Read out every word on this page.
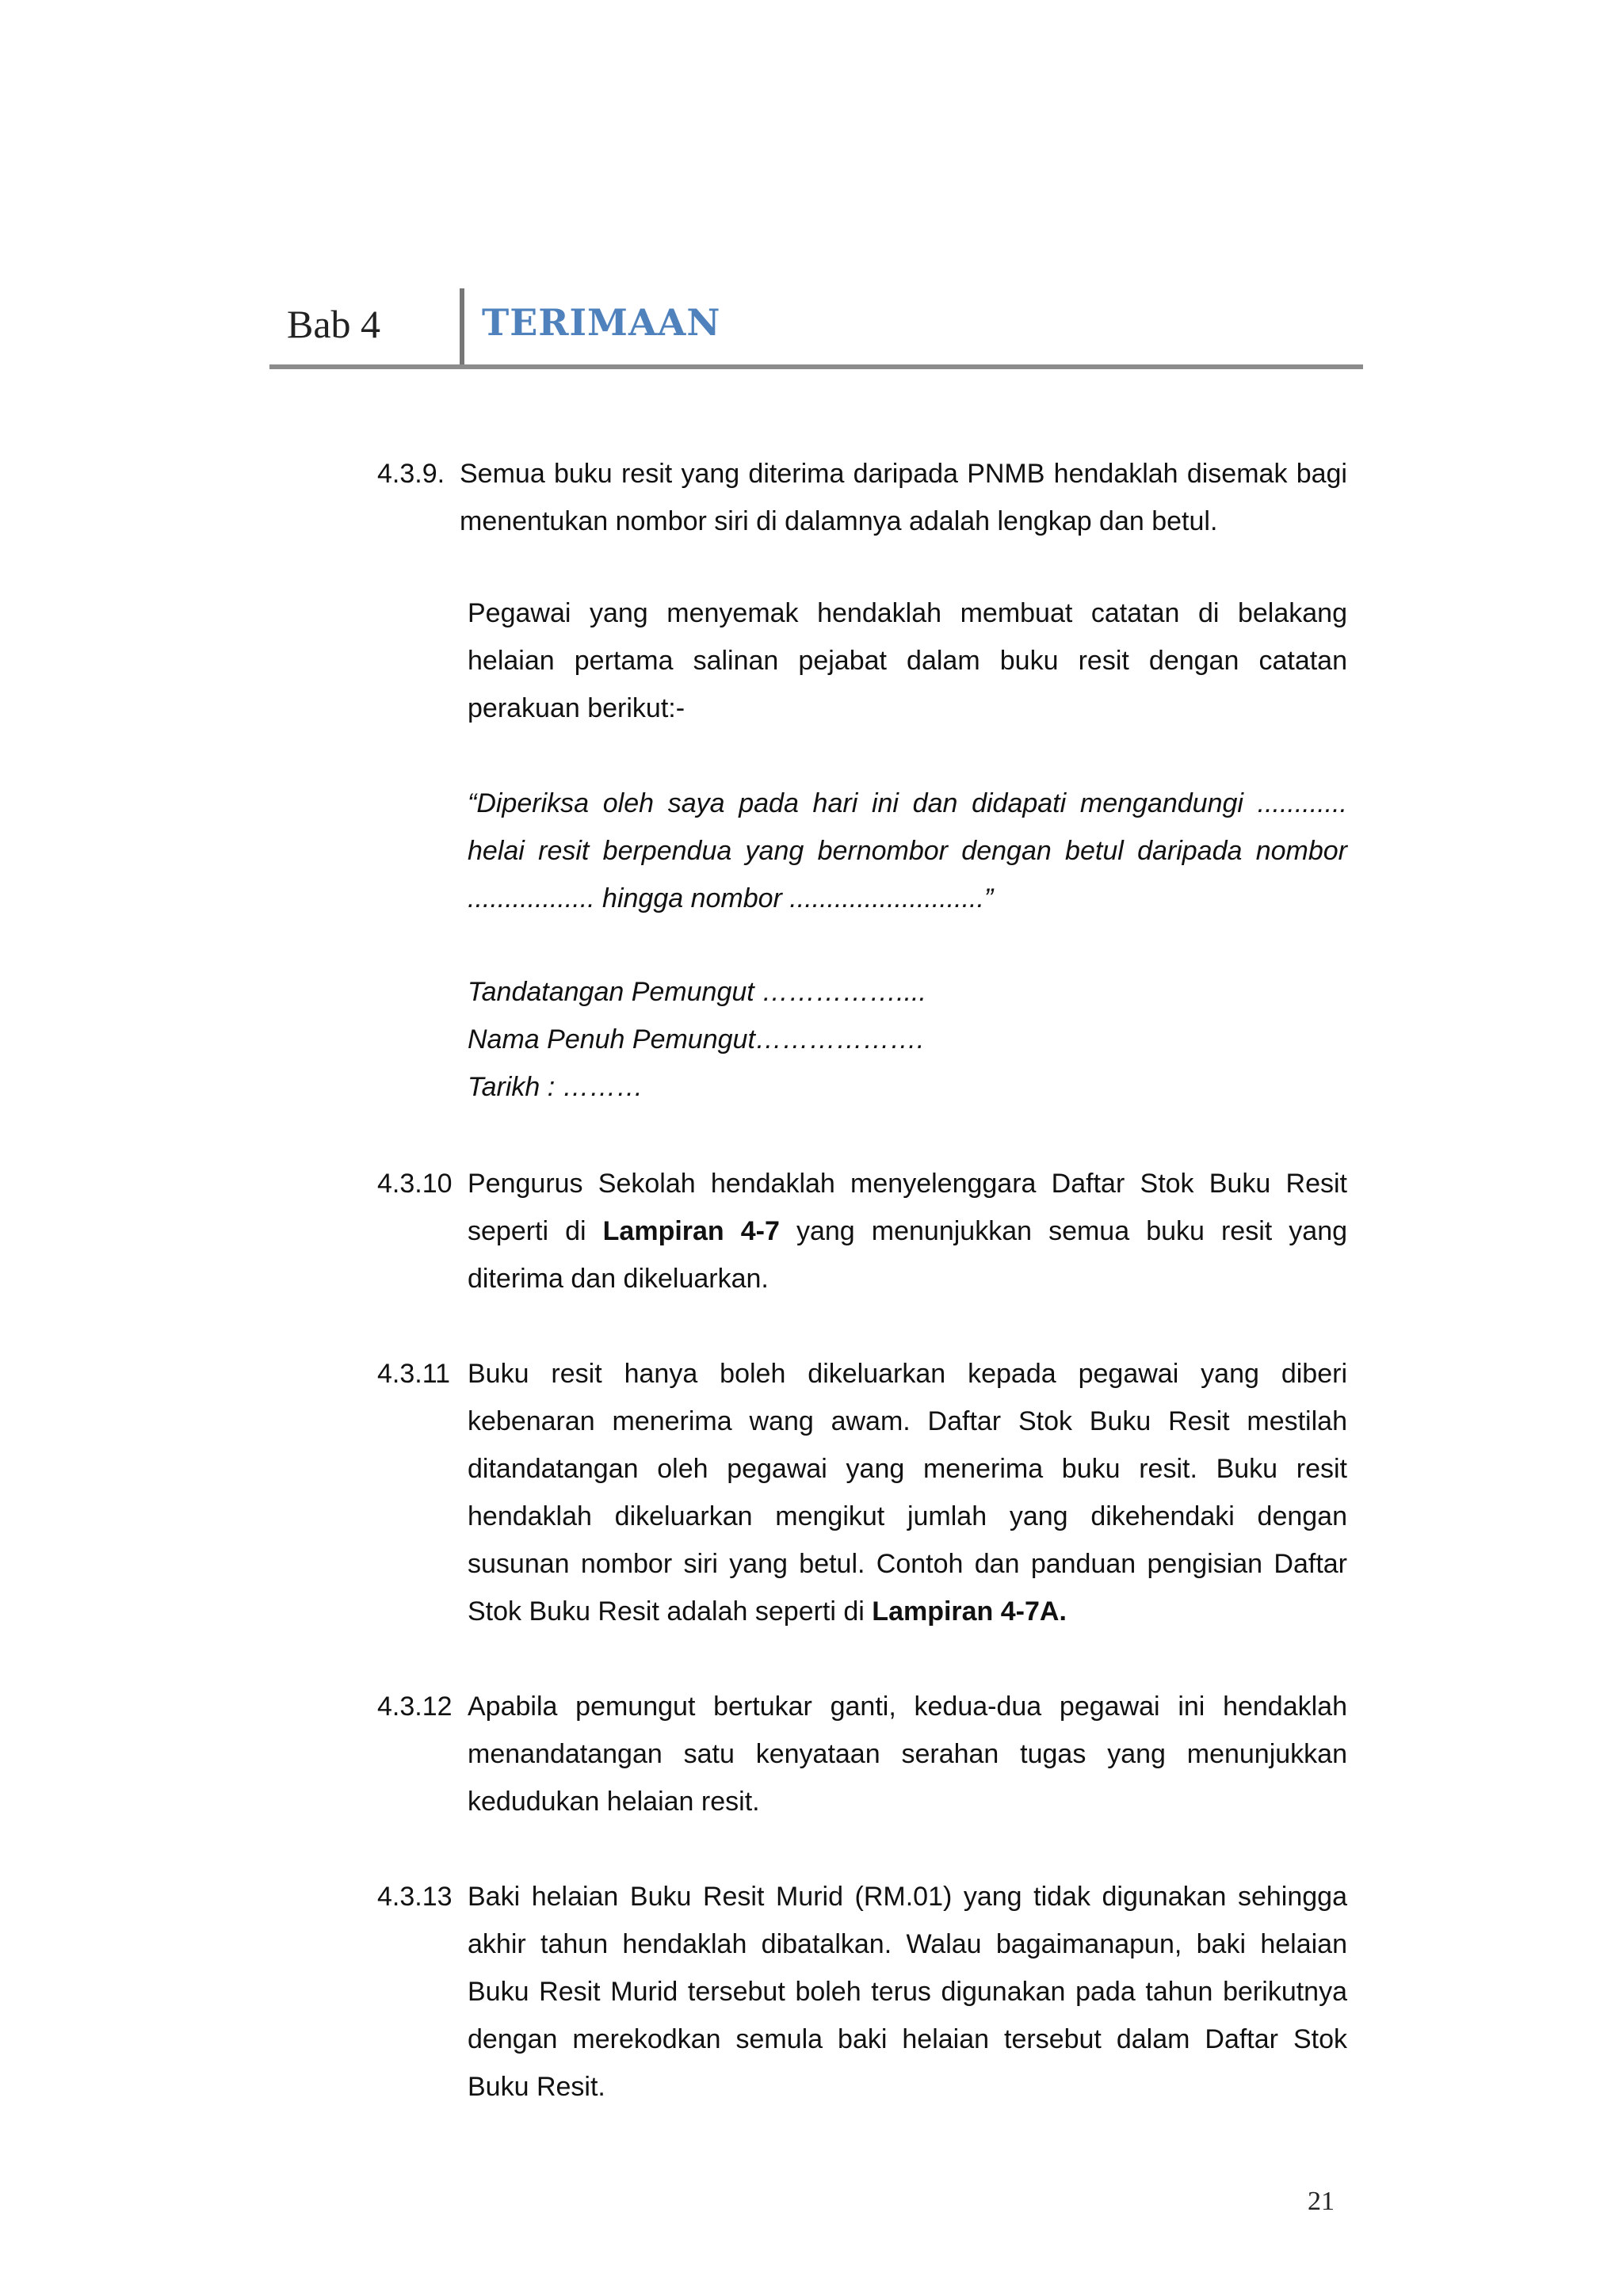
Bab 4	TERIMAAN
4.3.9. Semua buku resit yang diterima daripada PNMB hendaklah disemak bagi menentukan nombor siri di dalamnya adalah lengkap dan betul.
Pegawai yang menyemak hendaklah membuat catatan di belakang helaian pertama salinan pejabat dalam buku resit dengan catatan perakuan berikut:-
“Diperiksa oleh saya pada hari ini dan didapati mengandungi ............ helai resit berpendua yang bernombor dengan betul daripada nombor ................. hingga nombor ..........................”
Tandatangan Pemungut ……………....
Nama Penuh Pemungut……………….
Tarikh : ………
4.3.10 Pengurus Sekolah hendaklah menyelenggara Daftar Stok Buku Resit seperti di Lampiran 4-7 yang menunjukkan semua buku resit yang diterima dan dikeluarkan.
4.3.11 Buku resit hanya boleh dikeluarkan kepada pegawai yang diberi kebenaran menerima wang awam. Daftar Stok Buku Resit mestilah ditandatangan oleh pegawai yang menerima buku resit. Buku resit hendaklah dikeluarkan mengikut jumlah yang dikehendaki dengan susunan nombor siri yang betul. Contoh dan panduan pengisian Daftar Stok Buku Resit adalah seperti di Lampiran 4-7A.
4.3.12 Apabila pemungut bertukar ganti, kedua-dua pegawai ini hendaklah menandatangan satu kenyataan serahan tugas yang menunjukkan kedudukan helaian resit.
4.3.13 Baki helaian Buku Resit Murid (RM.01) yang tidak digunakan sehingga akhir tahun hendaklah dibatalkan. Walau bagaimanapun, baki helaian Buku Resit Murid tersebut boleh terus digunakan pada tahun berikutnya dengan merekodkan semula baki helaian tersebut dalam Daftar Stok Buku Resit.
21
